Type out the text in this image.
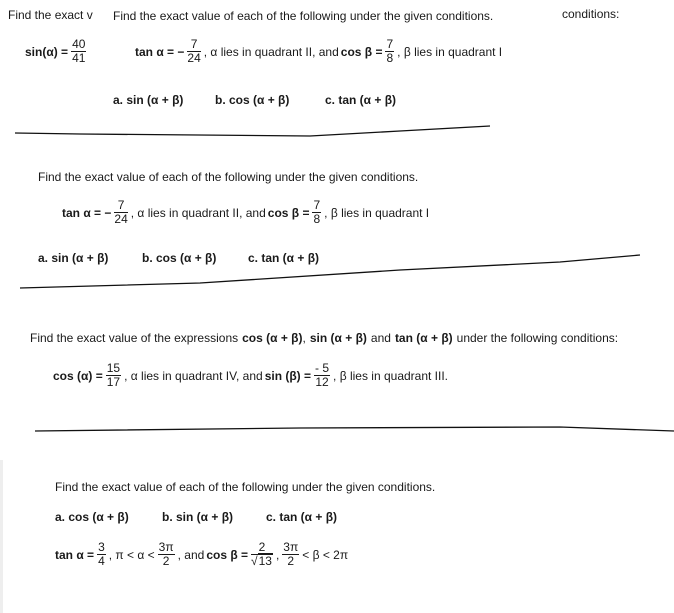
Find the exact v	conditions:
$\sin(\alpha) = \frac{40}{41}$
Find the exact value of each of the following under the given conditions.
tan α = − $\frac{7}{24}$ , α lies in quadrant II, and $\cos \beta = \frac{7}{8}$ , β lies in quadrant I
a. sin (α + β)	b. cos (α + β)	c. tan (α + β)
Find the exact value of each of the following under the given conditions.
tan α = − $\frac{7}{24}$ , α lies in quadrant II, and $\cos \beta = \frac{7}{8}$ , β lies in quadrant I
a. sin (α + β)	b. cos (α + β)	c. tan (α + β)
Find the exact value of the expressions cos (α + β) , sin (α + β) and tan (α + β) under the following conditions:
$\cos (\alpha) = \frac{15}{17}$ , α lies in quadrant IV, and $\sin (\beta) = \frac{- 5}{12}$ , β lies in quadrant III.
Find the exact value of each of the following under the given conditions.
a. cos (α + β)	b. sin (α + β)	c. tan (α + β)
$\tan \alpha = \frac{3}{4}$ , $\pi < \alpha < \frac{3\pi}{2}$ , and $\cos \beta = \frac{2}{√13}$ , $\frac{3\pi}{2} < \beta < 2\pi$
